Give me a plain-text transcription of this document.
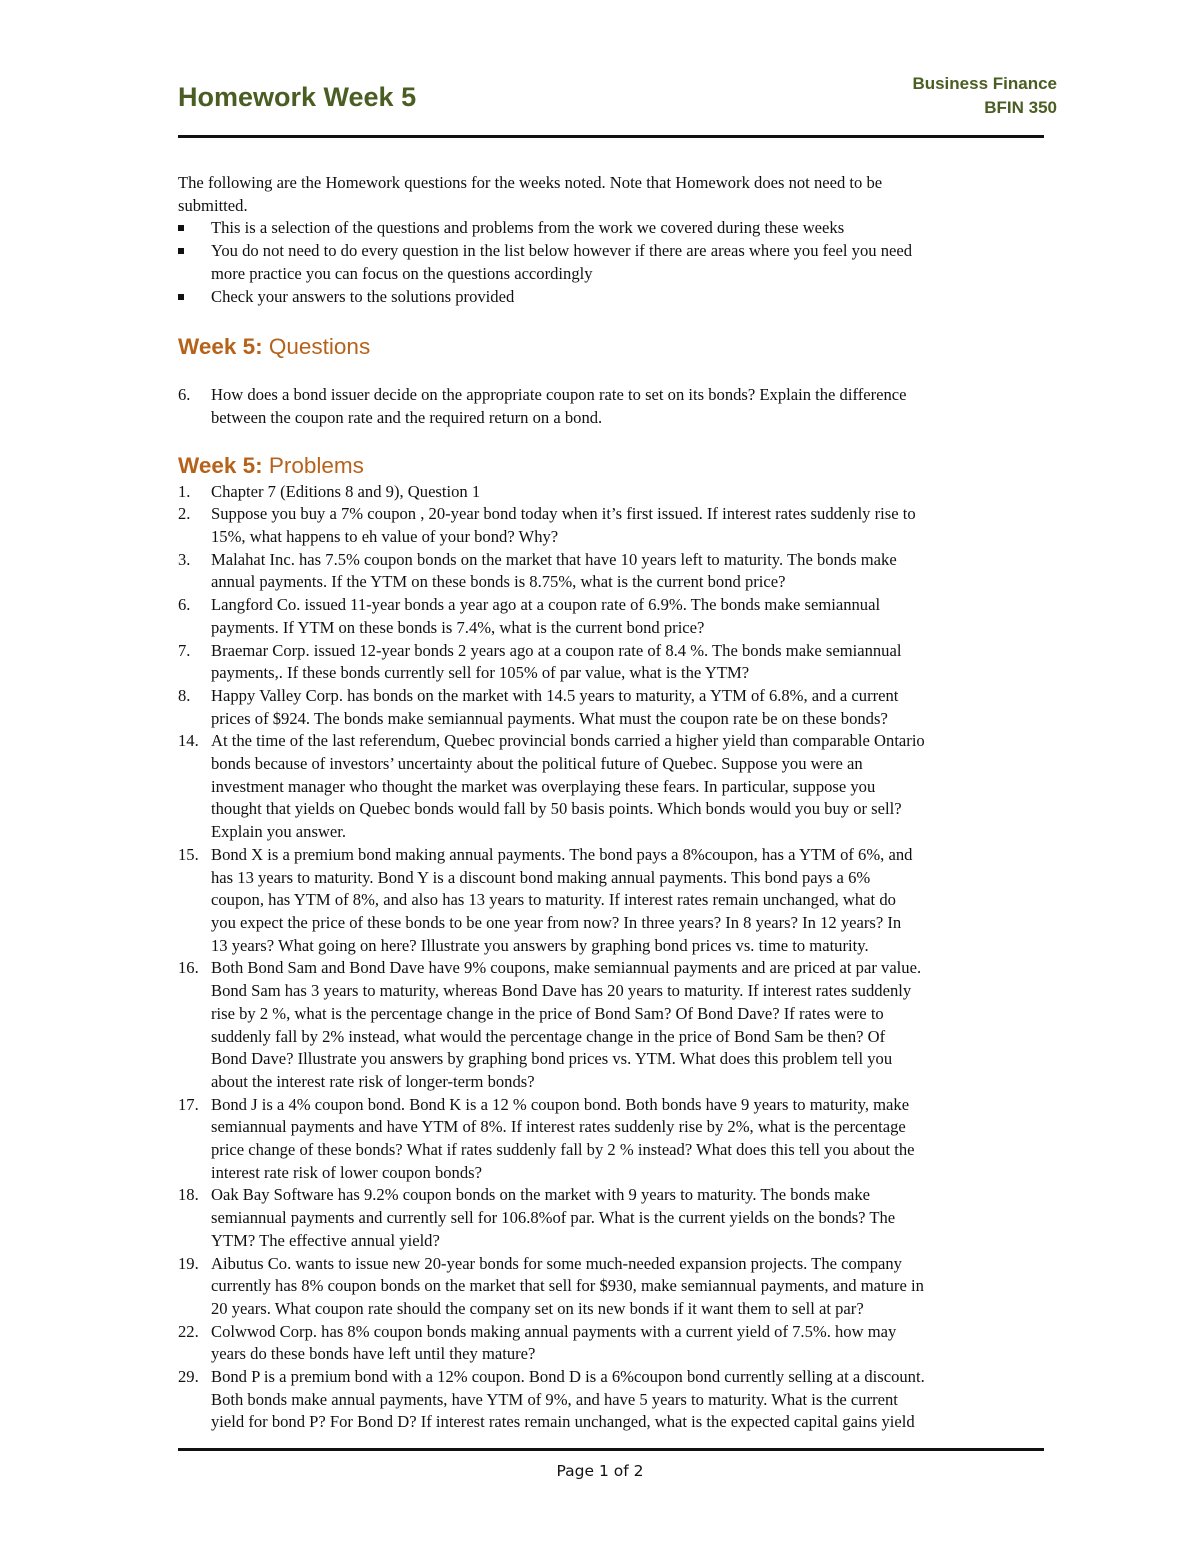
Homework Week 5	Business Finance
BFIN 350
The following are the Homework questions for the weeks noted. Note that Homework does not need to be
submitted.
This is a selection of the questions and problems from the work we covered during these weeks
You do not need to do every question in the list below however if there are areas where you feel you need
more practice you can focus on the questions accordingly
Check your answers to the solutions provided
Week 5: Questions
6. How does a bond issuer decide on the appropriate coupon rate to set on its bonds? Explain the difference
between the coupon rate and the required return on a bond.
Week 5: Problems
1. Chapter 7 (Editions 8 and 9), Question 1
2. Suppose you buy a 7% coupon , 20-year bond today when it’s first issued. If interest rates suddenly rise to
15%, what happens to eh value of your bond? Why?
3. Malahat Inc. has 7.5% coupon bonds on the market that have 10 years left to maturity. The bonds make
annual payments. If the YTM on these bonds is 8.75%, what is the current bond price?
6. Langford Co. issued 11-year bonds a year ago at a coupon rate of 6.9%. The bonds make semiannual
payments. If YTM on these bonds is 7.4%, what is the current bond price?
7. Braemar Corp. issued 12-year bonds 2 years ago at a coupon rate of 8.4 %. The bonds make semiannual
payments,. If these bonds currently sell for 105% of par value, what is the YTM?
8. Happy Valley Corp. has bonds on the market with 14.5 years to maturity, a YTM of 6.8%, and a current
prices of $924. The bonds make semiannual payments. What must the coupon rate be on these bonds?
14. At the time of the last referendum, Quebec provincial bonds carried a higher yield than comparable Ontario
bonds because of investors’ uncertainty about the political future of Quebec. Suppose you were an
investment manager who thought the market was overplaying these fears. In particular, suppose you
thought that yields on Quebec bonds would fall by 50 basis points. Which bonds would you buy or sell?
Explain you answer.
15. Bond X is a premium bond making annual payments. The bond pays a 8%coupon, has a YTM of 6%, and
has 13 years to maturity. Bond Y is a discount bond making annual payments. This bond pays a 6%
coupon, has YTM of 8%, and also has 13 years to maturity. If interest rates remain unchanged, what do
you expect the price of these bonds to be one year from now? In three years? In 8 years? In 12 years? In
13 years? What going on here? Illustrate you answers by graphing bond prices vs. time to maturity.
16. Both Bond Sam and Bond Dave have 9% coupons, make semiannual payments and are priced at par value.
Bond Sam has 3 years to maturity, whereas Bond Dave has 20 years to maturity. If interest rates suddenly
rise by 2 %, what is the percentage change in the price of Bond Sam? Of Bond Dave? If rates were to
suddenly fall by 2% instead, what would the percentage change in the price of Bond Sam be then? Of
Bond Dave? Illustrate you answers by graphing bond prices vs. YTM. What does this problem tell you
about the interest rate risk of longer-term bonds?
17. Bond J is a 4% coupon bond. Bond K is a 12 % coupon bond. Both bonds have 9 years to maturity, make
semiannual payments and have YTM of 8%. If interest rates suddenly rise by 2%, what is the percentage
price change of these bonds? What if rates suddenly fall by 2 % instead? What does this tell you about the
interest rate risk of lower coupon bonds?
18. Oak Bay Software has 9.2% coupon bonds on the market with 9 years to maturity. The bonds make
semiannual payments and currently sell for 106.8%of par. What is the current yields on the bonds? The
YTM? The effective annual yield?
19. Aibutus Co. wants to issue new 20-year bonds for some much-needed expansion projects. The company
currently has 8% coupon bonds on the market that sell for $930, make semiannual payments, and mature in
20 years. What coupon rate should the company set on its new bonds if it want them to sell at par?
22. Colwwod Corp. has 8% coupon bonds making annual payments with a current yield of 7.5%. how may
years do these bonds have left until they mature?
29. Bond P is a premium bond with a 12% coupon. Bond D is a 6%coupon bond currently selling at a discount.
Both bonds make annual payments, have YTM of 9%, and have 5 years to maturity. What is the current
yield for bond P? For Bond D? If interest rates remain unchanged, what is the expected capital gains yield
Page 1 of 2
